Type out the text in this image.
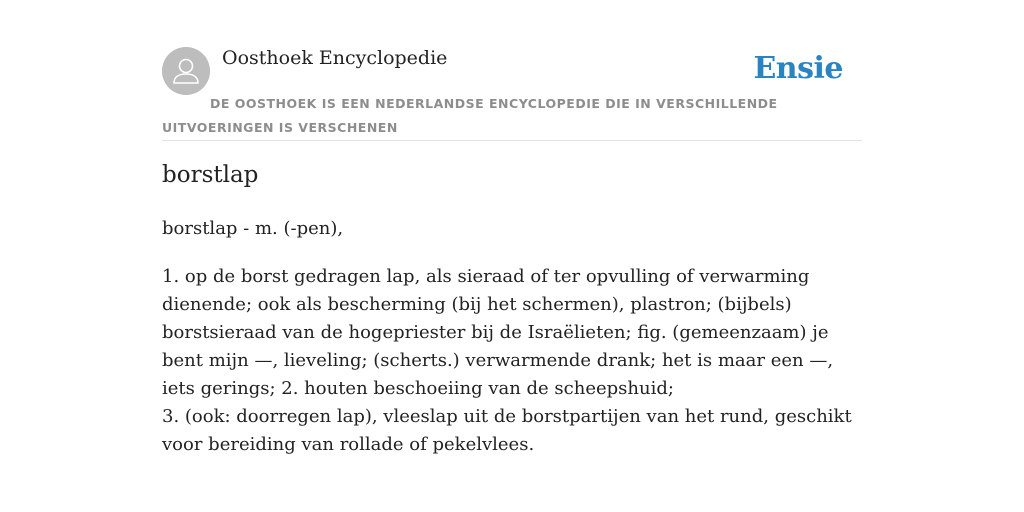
Oosthoek Encyclopedie	Ensie
DE OOSTHOEK IS EEN NEDERLANDSE ENCYCLOPEDIE DIE IN VERSCHILLENDE UITVOERINGEN IS VERSCHENEN
borstlap
borstlap - m. (-pen),

1. op de borst gedragen lap, als sieraad of ter opvulling of verwarming dienende; ook als bescherming (bij het schermen), plastron; (bijbels) borstsieraad van de hogepriester bij de Israëlieten; fig. (gemeenzaam) je bent mijn —, lieveling; (scherts.) verwarmende drank; het is maar een —, iets gerings; 2. houten beschoeiing van de scheepshuid;

3. (ook: doorregen lap), vleeslap uit de borstpartijen van het rund, geschikt voor bereiding van rollade of pekelvlees.
